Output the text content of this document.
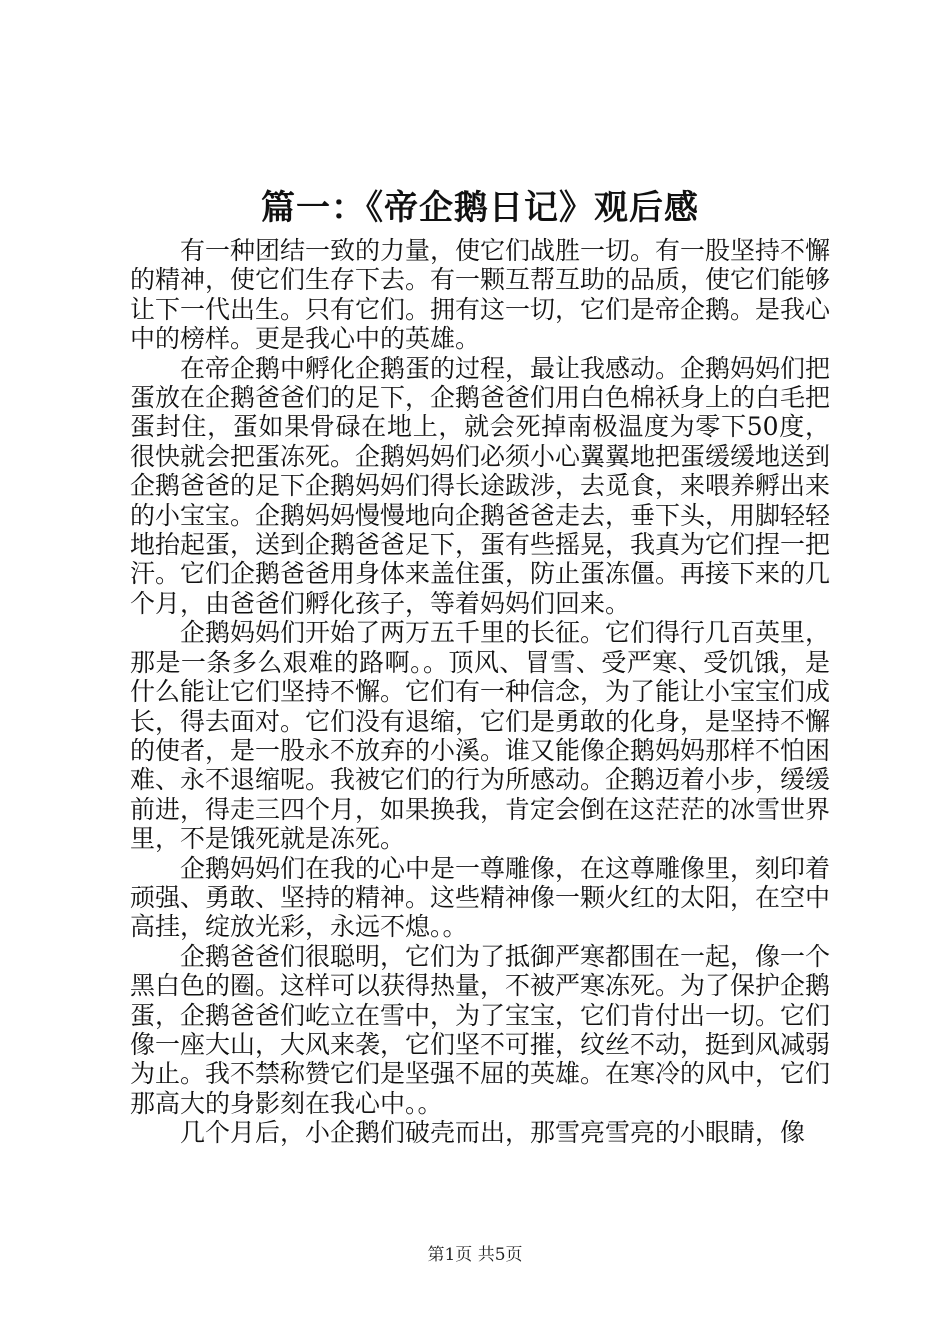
篇一：《帝企鹅日记》观后感

有一种团结一致的力量，使它们战胜一切。有一股坚持不懈的精神，使它们生存下去。有一颗互帮互助的品质，使它们能够让下一代出生。只有它们。拥有这一切，它们是帝企鹅。是我心中的榜样。更是我心中的英雄。

在帝企鹅中孵化企鹅蛋的过程，最让我感动。企鹅妈妈们把蛋放在企鹅爸爸们的足下，企鹅爸爸们用白色棉袄身上的白毛把蛋封住，蛋如果骨碌在地上，就会死掉南极温度为零下50度，很快就会把蛋冻死。企鹅妈妈们必须小心翼翼地把蛋缓缓地送到企鹅爸爸的足下企鹅妈妈们得长途跋涉，去觅食，来喂养孵出来的小宝宝。企鹅妈妈慢慢地向企鹅爸爸走去，垂下头，用脚轻轻地抬起蛋，送到企鹅爸爸足下，蛋有些摇晃，我真为它们捏一把汗。它们企鹅爸爸用身体来盖住蛋，防止蛋冻僵。再接下来的几个月，由爸爸们孵化孩子，等着妈妈们回来。

企鹅妈妈们开始了两万五千里的长征。它们得行几百英里，那是一条多么艰难的路啊。。顶风、冒雪、受严寒、受饥饿，是什么能让它们坚持不懈。它们有一种信念，为了能让小宝宝们成长，得去面对。它们没有退缩，它们是勇敢的化身，是坚持不懈的使者，是一股永不放弃的小溪。谁又能像企鹅妈妈那样不怕困难、永不退缩呢。我被它们的行为所感动。企鹅迈着小步，缓缓前进，得走三四个月，如果换我，肯定会倒在这茫茫的冰雪世界里，不是饿死就是冻死。

企鹅妈妈们在我的心中是一尊雕像，在这尊雕像里，刻印着顽强、勇敢、坚持的精神。这些精神像一颗火红的太阳，在空中高挂，绽放光彩，永远不熄。。

企鹅爸爸们很聪明，它们为了抵御严寒都围在一起，像一个黑白色的圈。这样可以获得热量，不被严寒冻死。为了保护企鹅蛋，企鹅爸爸们屹立在雪中，为了宝宝，它们肯付出一切。它们像一座大山，大风来袭，它们坚不可摧，纹丝不动，挺到风减弱为止。我不禁称赞它们是坚强不屈的英雄。在寒冷的风中，它们那高大的身影刻在我心中。。

几个月后，小企鹅们破壳而出，那雪亮雪亮的小眼睛，像

第1页 共5页
